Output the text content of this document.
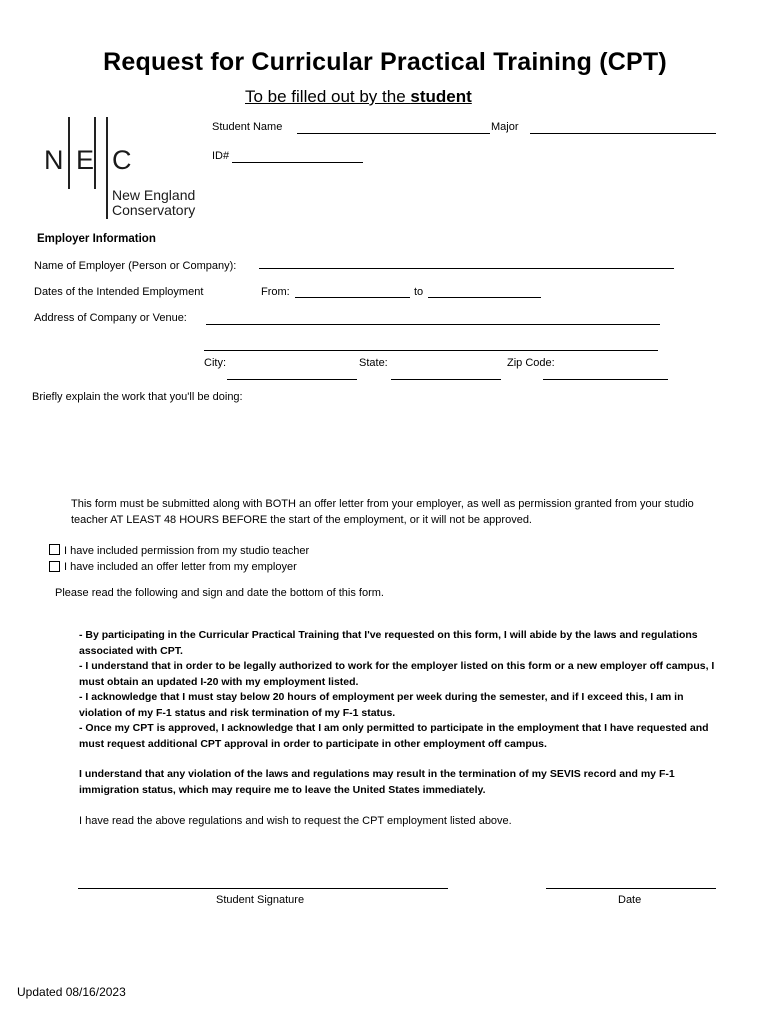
Request for Curricular Practical Training (CPT)
To be filled out by the student
N E C
New England
Conservatory
Student Name	Major
ID#
Employer Information
Name of Employer (Person or Company):
Dates of the Intended Employment	From:	to
Address of Company or Venue:
City:	State:	Zip Code:
Briefly explain the work that you'll be doing:
This form must be submitted along with BOTH an offer letter from your employer, as well as permission granted from your studio
teacher AT LEAST 48 HOURS BEFORE the start of the employment, or it will not be approved.
I have included permission from my studio teacher
I have included an offer letter from my employer
Please read the following and sign and date the bottom of this form.
- By participating in the Curricular Practical Training that I've requested on this form, I will abide by the laws and regulations
associated with CPT.
- I understand that in order to be legally authorized to work for the employer listed on this form or a new employer off campus, I
must obtain an updated I-20 with my employment listed.
- I acknowledge that I must stay below 20 hours of employment per week during the semester, and if I exceed this, I am in
violation of my F-1 status and risk termination of my F-1 status.
- Once my CPT is approved, I acknowledge that I am only permitted to participate in the employment that I have requested and
must request additional CPT approval in order to participate in other employment off campus.
I understand that any violation of the laws and regulations may result in the termination of my SEVIS record and my F-1
immigration status, which may require me to leave the United States immediately.
I have read the above regulations and wish to request the CPT employment listed above.
Student Signature	Date
Updated 08/16/2023
